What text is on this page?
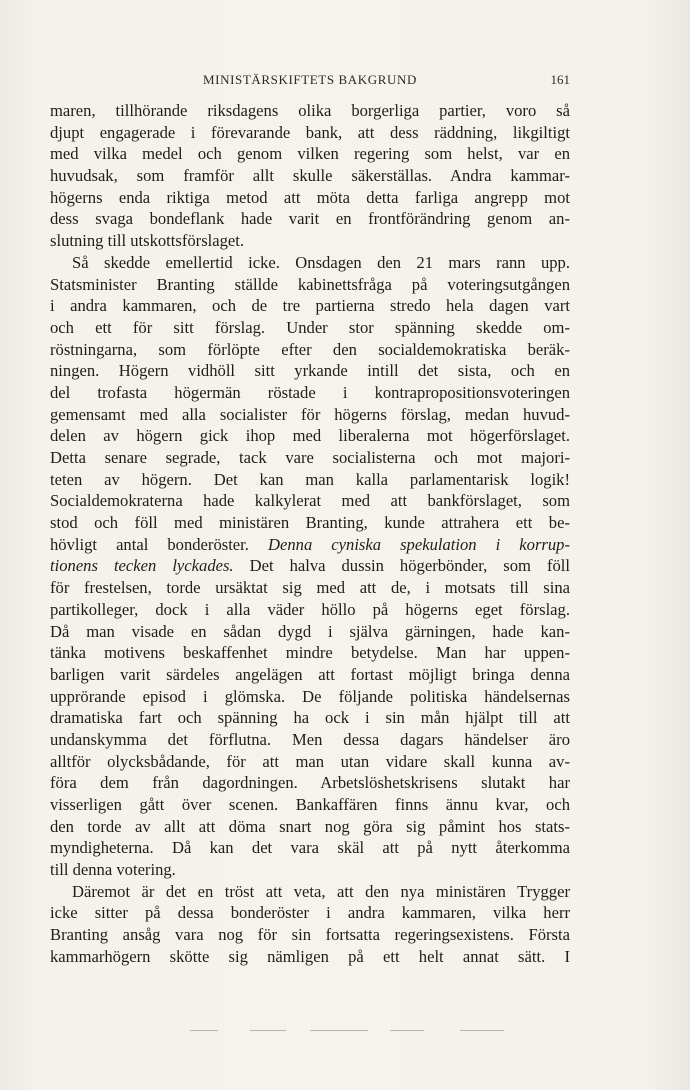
MINISTÄRSKIFTETS BAKGRUND	161
maren, tillhörande riksdagens olika borgerliga partier, voro så
djupt engagerade i förevarande bank, att dess räddning, likgiltigt
med vilka medel och genom vilken regering som helst, var en
huvudsak, som framför allt skulle säkerställas. Andra kammar-
högerns enda riktiga metod att möta detta farliga angrepp mot
dess svaga bondeflank hade varit en frontförändring genom an-
slutning till utskottsförslaget.
Så skedde emellertid icke. Onsdagen den 21 mars rann upp.
Statsminister Branting ställde kabinettsfråga på voteringsutgången
i andra kammaren, och de tre partierna stredo hela dagen vart
och ett för sitt förslag. Under stor spänning skedde om-
röstningarna, som förlöpte efter den socialdemokratiska beräk-
ningen. Högern vidhöll sitt yrkande intill det sista, och en
del trofasta högermän röstade i kontrapropositionsvoteringen
gemensamt med alla socialister för högerns förslag, medan huvud-
delen av högern gick ihop med liberalerna mot högerförslaget.
Detta senare segrade, tack vare socialisterna och mot majori-
teten av högern. Det kan man kalla parlamentarisk logik!
Socialdemokraterna hade kalkylerat med att bankförslaget, som
stod och föll med ministären Branting, kunde attrahera ett be-
hövligt antal bonderöster. Denna cyniska spekulation i korrup-
tionens tecken lyckades. Det halva dussin högerbönder, som föll
för frestelsen, torde ursäktat sig med att de, i motsats till sina
partikolleger, dock i alla väder höllo på högerns eget förslag.
Då man visade en sådan dygd i själva gärningen, hade kan-
tänka motivens beskaffenhet mindre betydelse. Man har uppen-
barligen varit särdeles angelägen att fortast möjligt bringa denna
upprörande episod i glömska. De följande politiska händelsernas
dramatiska fart och spänning ha ock i sin mån hjälpt till att
undanskymma det förflutna. Men dessa dagars händelser äro
alltför olycksbådande, för att man utan vidare skall kunna av-
föra dem från dagordningen. Arbetslöshetskrisens slutakt har
visserligen gått över scenen. Bankaffären finns ännu kvar, och
den torde av allt att döma snart nog göra sig påmint hos stats-
myndigheterna. Då kan det vara skäl att på nytt återkomma
till denna votering.
Däremot är det en tröst att veta, att den nya ministären Trygger
icke sitter på dessa bonderöster i andra kammaren, vilka herr
Branting ansåg vara nog för sin fortsatta regeringsexistens. Första
kammarhögern skötte sig nämligen på ett helt annat sätt. I
